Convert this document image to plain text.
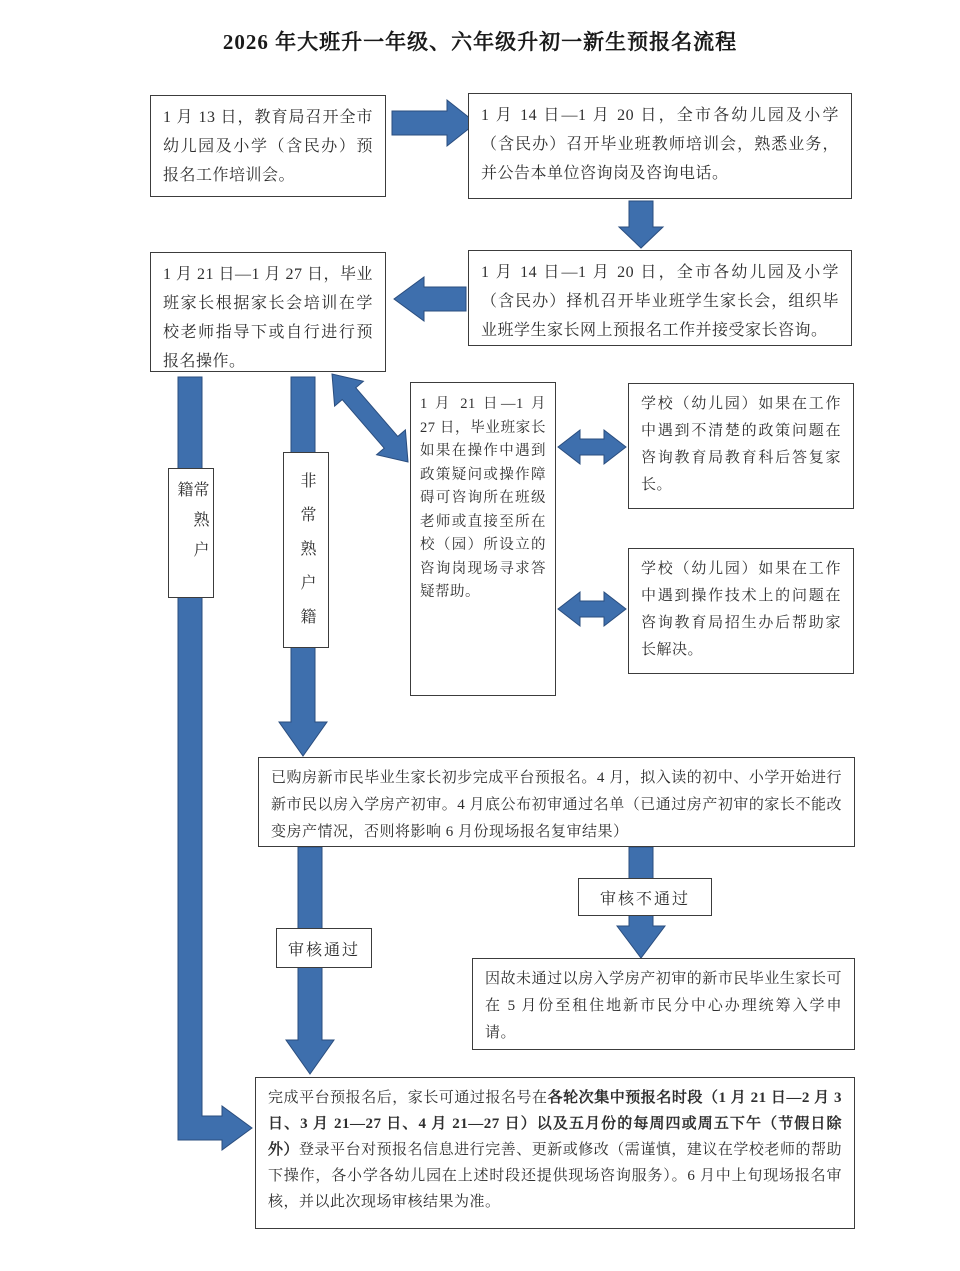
2026 年大班升一年级、六年级升初一新生预报名流程
1 月 13 日，教育局召开全市幼儿园及小学（含民办）预报名工作培训会。
1 月 14 日—1 月 20 日，全市各幼儿园及小学（含民办）召开毕业班教师培训会，熟悉业务，并公告本单位咨询岗及咨询电话。
1 月 14 日—1 月 20 日，全市各幼儿园及小学（含民办）择机召开毕业班学生家长会，组织毕业班学生家长网上预报名工作并接受家长咨询。
1 月 21 日—1 月 27 日，毕业班家长根据家长会培训在学校老师指导下或自行进行预报名操作。
1 月 21 日—1 月 27 日，毕业班家长如果在操作中遇到政策疑问或操作障碍可咨询所在班级老师或直接至所在校（园）所设立的咨询岗现场寻求答疑帮助。
学校（幼儿园）如果在工作中遇到不清楚的政策问题在咨询教育局教育科后答复家长。
学校（幼儿园）如果在工作中遇到操作技术上的问题在咨询教育局招生办后帮助家长解决。
已购房新市民毕业生家长初步完成平台预报名。4 月，拟入读的初中、小学开始进行新市民以房入学房产初审。4 月底公布初审通过名单（已通过房产初审的家长不能改变房产情况，否则将影响 6 月份现场报名复审结果）
因故未通过以房入学房产初审的新市民毕业生家长可在 5 月份至租住地新市民分中心办理统筹入学申请。
完成平台预报名后，家长可通过报名号在各轮次集中预报名时段（1 月 21 日—2 月 3 日、3 月 21—27 日、4 月 21—27 日）以及五月份的每周四或周五下午（节假日除外）登录平台对预报名信息进行完善、更新或修改（需谨慎，建议在学校老师的帮助下操作，各小学各幼儿园在上述时段还提供现场咨询服务）。6 月中上旬现场报名审核，并以此次现场审核结果为准。
常熟户籍	非常熟户籍
审核通过
审核不通过
